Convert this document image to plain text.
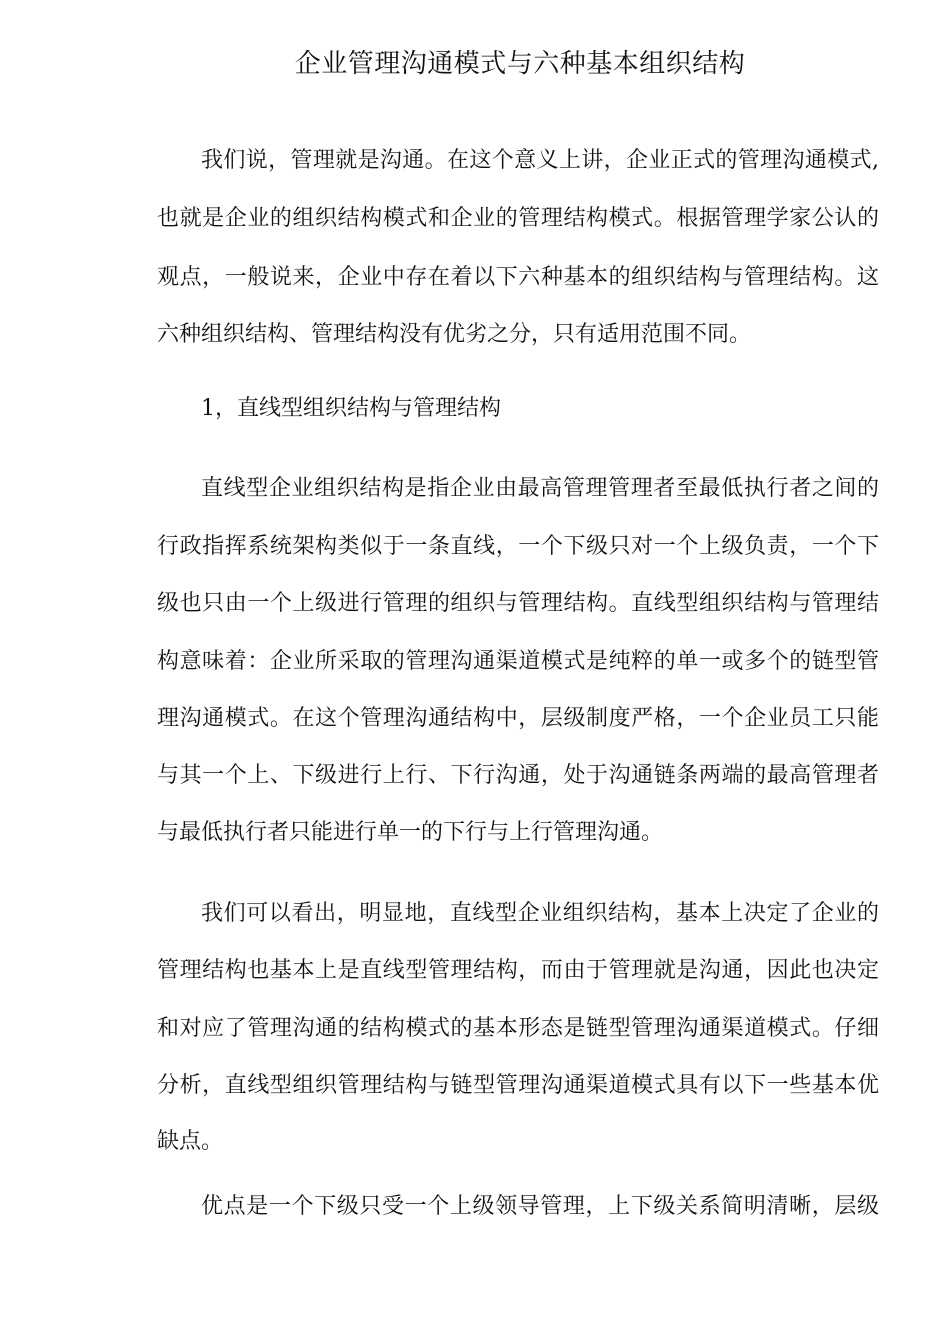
企业管理沟通模式与六种基本组织结构

我们说，管理就是沟通。在这个意义上讲，企业正式的管理沟通模式,

也就是企业的组织结构模式和企业的管理结构模式。根据管理学家公认的

观点，一般说来，企业中存在着以下六种基本的组织结构与管理结构。这

六种组织结构、管理结构没有优劣之分，只有适用范围不同。

1，直线型组织结构与管理结构

直线型企业组织结构是指企业由最高管理管理者至最低执行者之间的

行政指挥系统架构类似于一条直线，一个下级只对一个上级负责，一个下

级也只由一个上级进行管理的组织与管理结构。直线型组织结构与管理结

构意味着：企业所采取的管理沟通渠道模式是纯粹的单一或多个的链型管

理沟通模式。在这个管理沟通结构中，层级制度严格，一个企业员工只能

与其一个上、下级进行上行、下行沟通，处于沟通链条两端的最高管理者

与最低执行者只能进行单一的下行与上行管理沟通。

我们可以看出，明显地，直线型企业组织结构，基本上决定了企业的

管理结构也基本上是直线型管理结构，而由于管理就是沟通，因此也决定

和对应了管理沟通的结构模式的基本形态是链型管理沟通渠道模式。仔细

分析，直线型组织管理结构与链型管理沟通渠道模式具有以下一些基本优

缺点。

优点是一个下级只受一个上级领导管理，上下级关系简明清晰，层级
